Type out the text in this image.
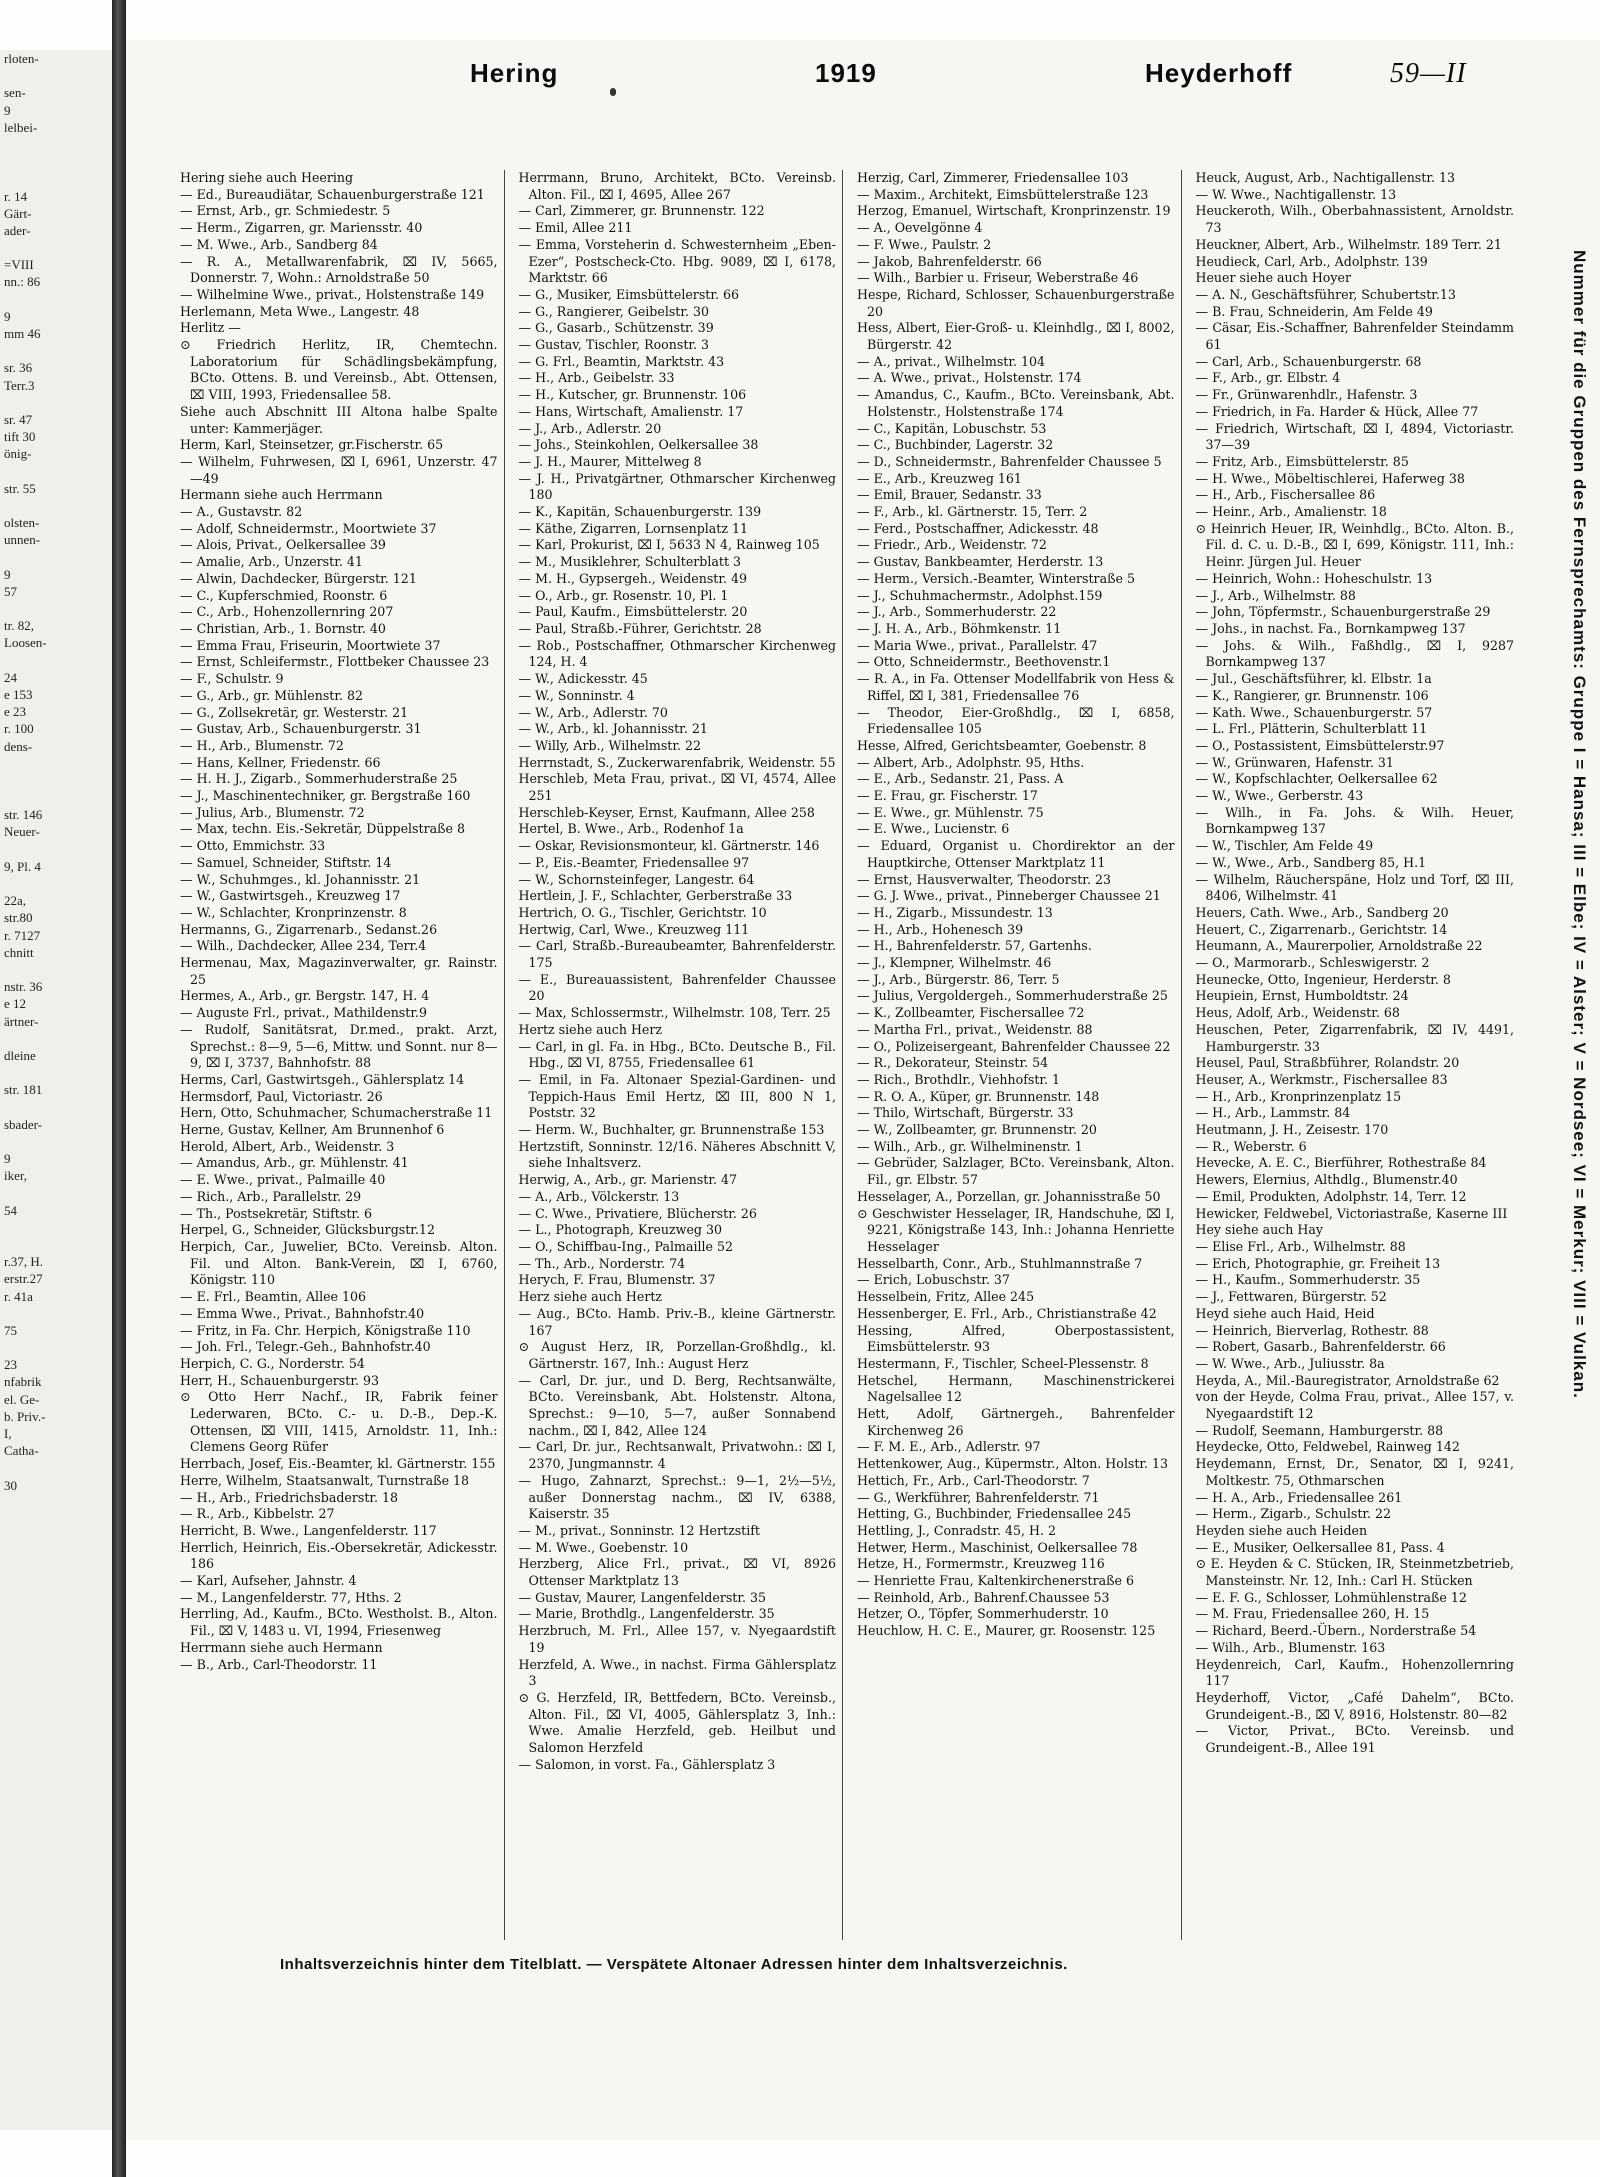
rloten-
sen-
9
lelbei-
r. 14
Gärt-
ader-
=VIII
nn.: 86
9
mm 46
sr. 36
Terr.3
sr. 47
tift 30
önig-
str. 55
olsten-
unnen-
9
57
tr. 82,
Loosen-
24
e 153
e 23
r. 100
dens-
str. 146
Neuer-
9, Pl. 4
22a,
str.80
r. 7127
chnitt
nstr. 36
e 12
ärtner-
dleine
str. 181
sbader-
9
iker,
54
r.37, H.
erstr.27
r. 41a
75
23
nfabrik
el. Ge-
b. Priv.-
I,
Catha-
30
Hering	1919	Heyderhoff	59—II

Hering siehe auch Heering

— Ed., Bureaudiätar, Schauenburgerstraße 121

— Ernst, Arb., gr. Schmiedestr. 5

— Herm., Zigarren, gr. Mariensstr. 40

— M. Wwe., Arb., Sandberg 84

— R. A., Metallwarenfabrik, ⌧ IV, 5665, Donnerstr. 7, Wohn.: Arnoldstraße 50

— Wilhelmine Wwe., privat., Holstenstraße 149

Herlemann, Meta Wwe., Langestr. 48

Herlitz —

⊙ Friedrich Herlitz, IR, Chemtechn. Laboratorium für Schädlingsbekämpfung, BCto. Ottens. B. und Vereinsb., Abt. Ottensen, ⌧ VIII, 1993, Friedensallee 58.

Siehe auch Abschnitt III Altona halbe Spalte unter: Kammerjäger.

Herm, Karl, Steinsetzer, gr.Fischerstr. 65

— Wilhelm, Fuhrwesen, ⌧ I, 6961, Unzerstr. 47—49

Hermann siehe auch Herrmann

— A., Gustavstr. 82

— Adolf, Schneidermstr., Moortwiete 37

— Alois, Privat., Oelkersallee 39

— Amalie, Arb., Unzerstr. 41

— Alwin, Dachdecker, Bürgerstr. 121

— C., Kupferschmied, Roonstr. 6

— C., Arb., Hohenzollernring 207

— Christian, Arb., 1. Bornstr. 40

— Emma Frau, Friseurin, Moortwiete 37

— Ernst, Schleifermstr., Flottbeker Chaussee 23

— F., Schulstr. 9

— G., Arb., gr. Mühlenstr. 82

— G., Zollsekretär, gr. Westerstr. 21

— Gustav, Arb., Schauenburgerstr. 31

— H., Arb., Blumenstr. 72

— Hans, Kellner, Friedenstr. 66

— H. H. J., Zigarb., Sommerhuderstraße 25

— J., Maschinentechniker, gr. Bergstraße 160

— Julius, Arb., Blumenstr. 72

— Max, techn. Eis.-Sekretär, Düppelstraße 8

— Otto, Emmichstr. 33

— Samuel, Schneider, Stiftstr. 14

— W., Schuhmges., kl. Johannisstr. 21

— W., Gastwirtsgeh., Kreuzweg 17

— W., Schlachter, Kronprinzenstr. 8

Hermanns, G., Zigarrenarb., Sedanst.26

— Wilh., Dachdecker, Allee 234, Terr.4

Hermenau, Max, Magazinverwalter, gr. Rainstr. 25

Hermes, A., Arb., gr. Bergstr. 147, H. 4

— Auguste Frl., privat., Mathildenstr.9

— Rudolf, Sanitätsrat, Dr.med., prakt. Arzt, Sprechst.: 8—9, 5—6, Mittw. und Sonnt. nur 8—9, ⌧ I, 3737, Bahnhofstr. 88

Herms, Carl, Gastwirtsgeh., Gählersplatz 14

Hermsdorf, Paul, Victoriastr. 26

Hern, Otto, Schuhmacher, Schumacherstraße 11

Herne, Gustav, Kellner, Am Brunnenhof 6

Herold, Albert, Arb., Weidenstr. 3

— Amandus, Arb., gr. Mühlenstr. 41

— E. Wwe., privat., Palmaille 40

— Rich., Arb., Parallelstr. 29

— Th., Postsekretär, Stiftstr. 6

Herpel, G., Schneider, Glücksburgstr.12

Herpich, Car., Juwelier, BCto. Vereinsb. Alton. Fil. und Alton. Bank-Verein, ⌧ I, 6760, Königstr. 110

— E. Frl., Beamtin, Allee 106

— Emma Wwe., Privat., Bahnhofstr.40

— Fritz, in Fa. Chr. Herpich, Königstraße 110

— Joh. Frl., Telegr.-Geh., Bahnhofstr.40

Herpich, C. G., Norderstr. 54

Herr, H., Schauenburgerstr. 93

⊙ Otto Herr Nachf., IR, Fabrik feiner Lederwaren, BCto. C.- u. D.-B., Dep.-K. Ottensen, ⌧ VIII, 1415, Arnoldstr. 11, Inh.: Clemens Georg Rüfer

Herrbach, Josef, Eis.-Beamter, kl. Gärtnerstr. 155

Herre, Wilhelm, Staatsanwalt, Turnstraße 18

— H., Arb., Friedrichsbaderstr. 18

— R., Arb., Kibbelstr. 27

Herricht, B. Wwe., Langenfelderstr. 117

Herrlich, Heinrich, Eis.-Obersekretär, Adickesstr. 186

— Karl, Aufseher, Jahnstr. 4

— M., Langenfelderstr. 77, Hths. 2

Herrling, Ad., Kaufm., BCto. Westholst. B., Alton. Fil., ⌧ V, 1483 u. VI, 1994, Friesenweg

Herrmann siehe auch Hermann

— B., Arb., Carl-Theodorstr. 11

Herrmann, Bruno, Architekt, BCto. Vereinsb. Alton. Fil., ⌧ I, 4695, Allee 267

— Carl, Zimmerer, gr. Brunnenstr. 122

— Emil, Allee 211

— Emma, Vorsteherin d. Schwesternheim „Eben-Ezer“, Postscheck-Cto. Hbg. 9089, ⌧ I, 6178, Marktstr. 66

— G., Musiker, Eimsbüttelerstr. 66

— G., Rangierer, Geibelstr. 30

— G., Gasarb., Schützenstr. 39

— Gustav, Tischler, Roonstr. 3

— G. Frl., Beamtin, Marktstr. 43

— H., Arb., Geibelstr. 33

— H., Kutscher, gr. Brunnenstr. 106

— Hans, Wirtschaft, Amalienstr. 17

— J., Arb., Adlerstr. 20

— Johs., Steinkohlen, Oelkersallee 38

— J. H., Maurer, Mittelweg 8

— J. H., Privatgärtner, Othmarscher Kirchenweg 180

— K., Kapitän, Schauenburgerstr. 139

— Käthe, Zigarren, Lornsenplatz 11

— Karl, Prokurist, ⌧ I, 5633 N 4, Rainweg 105

— M., Musiklehrer, Schulterblatt 3

— M. H., Gypsergeh., Weidenstr. 49

— O., Arb., gr. Rosenstr. 10, Pl. 1

— Paul, Kaufm., Eimsbüttelerstr. 20

— Paul, Straßb.-Führer, Gerichtstr. 28

— Rob., Postschaffner, Othmarscher Kirchenweg 124, H. 4

— W., Adickesstr. 45

— W., Sonninstr. 4

— W., Arb., Adlerstr. 70

— W., Arb., kl. Johannisstr. 21

— Willy, Arb., Wilhelmstr. 22

Herrnstadt, S., Zuckerwarenfabrik, Weidenstr. 55

Herschleb, Meta Frau, privat., ⌧ VI, 4574, Allee 251

Herschleb-Keyser, Ernst, Kaufmann, Allee 258

Hertel, B. Wwe., Arb., Rodenhof 1a

— Oskar, Revisionsmonteur, kl. Gärtnerstr. 146

— P., Eis.-Beamter, Friedensallee 97

— W., Schornsteinfeger, Langestr. 64

Hertlein, J. F., Schlachter, Gerberstraße 33

Hertrich, O. G., Tischler, Gerichtstr. 10

Hertwig, Carl, Wwe., Kreuzweg 111

— Carl, Straßb.-Bureaubeamter, Bahrenfelderstr. 175

— E., Bureauassistent, Bahrenfelder Chaussee 20

— Max, Schlossermstr., Wilhelmstr. 108, Terr. 25

Hertz siehe auch Herz

— Carl, in gl. Fa. in Hbg., BCto. Deutsche B., Fil. Hbg., ⌧ VI, 8755, Friedensallee 61

— Emil, in Fa. Altonaer Spezial-Gardinen- und Teppich-Haus Emil Hertz, ⌧ III, 800 N 1, Poststr. 32

— Herm. W., Buchhalter, gr. Brunnenstraße 153

Hertzstift, Sonninstr. 12/16. Näheres Abschnitt V, siehe Inhaltsverz.

Herwig, A., Arb., gr. Marienstr. 47

— A., Arb., Völckerstr. 13

— C. Wwe., Privatiere, Blücherstr. 26

— L., Photograph, Kreuzweg 30

— O., Schiffbau-Ing., Palmaille 52

— Th., Arb., Norderstr. 74

Herych, F. Frau, Blumenstr. 37

Herz siehe auch Hertz

— Aug., BCto. Hamb. Priv.-B., kleine Gärtnerstr. 167

⊙ August Herz, IR, Porzellan-Großhdlg., kl. Gärtnerstr. 167, Inh.: August Herz

— Carl, Dr. jur., und D. Berg, Rechtsanwälte, BCto. Vereinsbank, Abt. Holstenstr. Altona, Sprechst.: 9—10, 5—7, außer Sonnabend nachm., ⌧ I, 842, Allee 124

— Carl, Dr. jur., Rechtsanwalt, Privatwohn.: ⌧ I, 2370, Jungmannstr. 4

— Hugo, Zahnarzt, Sprechst.: 9—1, 2½—5½, außer Donnerstag nachm., ⌧ IV, 6388, Kaiserstr. 35

— M., privat., Sonninstr. 12 Hertzstift

— M. Wwe., Goebenstr. 10

Herzberg, Alice Frl., privat., ⌧ VI, 8926 Ottenser Marktplatz 13

— Gustav, Maurer, Langenfelderstr. 35

— Marie, Brothdlg., Langenfelderstr. 35

Herzbruch, M. Frl., Allee 157, v. Nyegaardstift 19

Herzfeld, A. Wwe., in nachst. Firma Gählersplatz 3

⊙ G. Herzfeld, IR, Bettfedern, BCto. Vereinsb., Alton. Fil., ⌧ VI, 4005, Gählersplatz 3, Inh.: Wwe. Amalie Herzfeld, geb. Heilbut und Salomon Herzfeld

— Salomon, in vorst. Fa., Gählersplatz 3

Herzig, Carl, Zimmerer, Friedensallee 103

— Maxim., Architekt, Eimsbüttelerstraße 123

Herzog, Emanuel, Wirtschaft, Kronprinzenstr. 19

— A., Oevelgönne 4

— F. Wwe., Paulstr. 2

— Jakob, Bahrenfelderstr. 66

— Wilh., Barbier u. Friseur, Weberstraße 46

Hespe, Richard, Schlosser, Schauenburgerstraße 20

Hess, Albert, Eier-Groß- u. Kleinhdlg., ⌧ I, 8002, Bürgerstr. 42

— A., privat., Wilhelmstr. 104

— A. Wwe., privat., Holstenstr. 174

— Amandus, C., Kaufm., BCto. Vereinsbank, Abt. Holstenstr., Holstenstraße 174

— C., Kapitän, Lobuschstr. 53

— C., Buchbinder, Lagerstr. 32

— D., Schneidermstr., Bahrenfelder Chaussee 5

— E., Arb., Kreuzweg 161

— Emil, Brauer, Sedanstr. 33

— F., Arb., kl. Gärtnerstr. 15, Terr. 2

— Ferd., Postschaffner, Adickesstr. 48

— Friedr., Arb., Weidenstr. 72

— Gustav, Bankbeamter, Herderstr. 13

— Herm., Versich.-Beamter, Winterstraße 5

— J., Schuhmachermstr., Adolphst.159

— J., Arb., Sommerhuderstr. 22

— J. H. A., Arb., Böhmkenstr. 11

— Maria Wwe., privat., Parallelstr. 47

— Otto, Schneidermstr., Beethovenstr.1

— R. A., in Fa. Ottenser Modellfabrik von Hess & Riffel, ⌧ I, 381, Friedensallee 76

— Theodor, Eier-Großhdlg., ⌧ I, 6858, Friedensallee 105

Hesse, Alfred, Gerichtsbeamter, Goebenstr. 8

— Albert, Arb., Adolphstr. 95, Hths.

— E., Arb., Sedanstr. 21, Pass. A

— E. Frau, gr. Fischerstr. 17

— E. Wwe., gr. Mühlenstr. 75

— E. Wwe., Lucienstr. 6

— Eduard, Organist u. Chordirektor an der Hauptkirche, Ottenser Marktplatz 11

— Ernst, Hausverwalter, Theodorstr. 23

— G. J. Wwe., privat., Pinneberger Chaussee 21

— H., Zigarb., Missundestr. 13

— H., Arb., Hohenesch 39

— H., Bahrenfelderstr. 57, Gartenhs.

— J., Klempner, Wilhelmstr. 46

— J., Arb., Bürgerstr. 86, Terr. 5

— Julius, Vergoldergeh., Sommerhuderstraße 25

— K., Zollbeamter, Fischersallee 72

— Martha Frl., privat., Weidenstr. 88

— O., Polizeisergeant, Bahrenfelder Chaussee 22

— R., Dekorateur, Steinstr. 54

— Rich., Brothdlr., Viehhofstr. 1

— R. O. A., Küper, gr. Brunnenstr. 148

— Thilo, Wirtschaft, Bürgerstr. 33

— W., Zollbeamter, gr. Brunnenstr. 20

— Wilh., Arb., gr. Wilhelminenstr. 1

— Gebrüder, Salzlager, BCto. Vereinsbank, Alton. Fil., gr. Elbstr. 57

Hesselager, A., Porzellan, gr. Johannisstraße 50

⊙ Geschwister Hesselager, IR, Handschuhe, ⌧ I, 9221, Königstraße 143, Inh.: Johanna Henriette Hesselager

Hesselbarth, Conr., Arb., Stuhlmannstraße 7

— Erich, Lobuschstr. 37

Hesselbein, Fritz, Allee 245

Hessenberger, E. Frl., Arb., Christianstraße 42

Hessing, Alfred, Oberpostassistent, Eimsbüttelerstr. 93

Hestermann, F., Tischler, Scheel-Plessenstr. 8

Hetschel, Hermann, Maschinenstrickerei Nagelsallee 12

Hett, Adolf, Gärtnergeh., Bahrenfelder Kirchenweg 26

— F. M. E., Arb., Adlerstr. 97

Hettenkower, Aug., Küpermstr., Alton. Holstr. 13

Hettich, Fr., Arb., Carl-Theodorstr. 7

— G., Werkführer, Bahrenfelderstr. 71

Hetting, G., Buchbinder, Friedensallee 245

Hettling, J., Conradstr. 45, H. 2

Hetwer, Herm., Maschinist, Oelkersallee 78

Hetze, H., Formermstr., Kreuzweg 116

— Henriette Frau, Kaltenkirchenerstraße 6

— Reinhold, Arb., Bahrenf.Chaussee 53

Hetzer, O., Töpfer, Sommerhuderstr. 10

Heuchlow, H. C. E., Maurer, gr. Roosenstr. 125

Heuck, August, Arb., Nachtigallenstr. 13

— W. Wwe., Nachtigallenstr. 13

Heuckeroth, Wilh., Oberbahnassistent, Arnoldstr. 73

Heuckner, Albert, Arb., Wilhelmstr. 189 Terr. 21

Heudieck, Carl, Arb., Adolphstr. 139

Heuer siehe auch Hoyer

— A. N., Geschäftsführer, Schubertstr.13

— B. Frau, Schneiderin, Am Felde 49

— Cäsar, Eis.-Schaffner, Bahrenfelder Steindamm 61

— Carl, Arb., Schauenburgerstr. 68

— F., Arb., gr. Elbstr. 4

— Fr., Grünwarenhdlr., Hafenstr. 3

— Friedrich, in Fa. Harder & Hück, Allee 77

— Friedrich, Wirtschaft, ⌧ I, 4894, Victoriastr. 37—39

— Fritz, Arb., Eimsbüttelerstr. 85

— H. Wwe., Möbeltischlerei, Haferweg 38

— H., Arb., Fischersallee 86

— Heinr., Arb., Amalienstr. 18

⊙ Heinrich Heuer, IR, Weinhdlg., BCto. Alton. B., Fil. d. C. u. D.-B., ⌧ I, 699, Königstr. 111, Inh.: Heinr. Jürgen Jul. Heuer

— Heinrich, Wohn.: Hoheschulstr. 13

— J., Arb., Wilhelmstr. 88

— John, Töpfermstr., Schauenburgerstraße 29

— Johs., in nachst. Fa., Bornkampweg 137

— Johs. & Wilh., Faßhdlg., ⌧ I, 9287 Bornkampweg 137

— Jul., Geschäftsführer, kl. Elbstr. 1a

— K., Rangierer, gr. Brunnenstr. 106

— Kath. Wwe., Schauenburgerstr. 57

— L. Frl., Plätterin, Schulterblatt 11

— O., Postassistent, Eimsbüttelerstr.97

— W., Grünwaren, Hafenstr. 31

— W., Kopfschlachter, Oelkersallee 62

— W., Wwe., Gerberstr. 43

— Wilh., in Fa. Johs. & Wilh. Heuer, Bornkampweg 137

— W., Tischler, Am Felde 49

— W., Wwe., Arb., Sandberg 85, H.1

— Wilhelm, Räucherspäne, Holz und Torf, ⌧ III, 8406, Wilhelmstr. 41

Heuers, Cath. Wwe., Arb., Sandberg 20

Heuert, C., Zigarrenarb., Gerichtstr. 14

Heumann, A., Maurerpolier, Arnoldstraße 22

— O., Marmorarb., Schleswigerstr. 2

Heunecke, Otto, Ingenieur, Herderstr. 8

Heupiein, Ernst, Humboldtstr. 24

Heus, Adolf, Arb., Weidenstr. 68

Heuschen, Peter, Zigarrenfabrik, ⌧ IV, 4491, Hamburgerstr. 33

Heusel, Paul, Straßbführer, Rolandstr. 20

Heuser, A., Werkmstr., Fischersallee 83

— H., Arb., Kronprinzenplatz 15

— H., Arb., Lammstr. 84

Heutmann, J. H., Zeisestr. 170

— R., Weberstr. 6

Hevecke, A. E. C., Bierführer, Rothestraße 84

Hewers, Elernius, Althdlg., Blumenstr.40

— Emil, Produkten, Adolphstr. 14, Terr. 12

Hewicker, Feldwebel, Victoriastraße, Kaserne III

Hey siehe auch Hay

— Elise Frl., Arb., Wilhelmstr. 88

— Erich, Photographie, gr. Freiheit 13

— H., Kaufm., Sommerhuderstr. 35

— J., Fettwaren, Bürgerstr. 52

Heyd siehe auch Haid, Heid

— Heinrich, Bierverlag, Rothestr. 88

— Robert, Gasarb., Bahrenfelderstr. 66

— W. Wwe., Arb., Juliusstr. 8a

Heyda, A., Mil.-Bauregistrator, Arnoldstraße 62

von der Heyde, Colma Frau, privat., Allee 157, v. Nyegaardstift 12

— Rudolf, Seemann, Hamburgerstr. 88

Heydecke, Otto, Feldwebel, Rainweg 142

Heydemann, Ernst, Dr., Senator, ⌧ I, 9241, Moltkestr. 75, Othmarschen

— H. A., Arb., Friedensallee 261

— Herm., Zigarb., Schulstr. 22

Heyden siehe auch Heiden

— E., Musiker, Oelkersallee 81, Pass. 4

⊙ E. Heyden & C. Stücken, IR, Steinmetzbetrieb, Mansteinstr. Nr. 12, Inh.: Carl H. Stücken

— E. F. G., Schlosser, Lohmühlenstraße 12

— M. Frau, Friedensallee 260, H. 15

— Richard, Beerd.-Übern., Norderstraße 54

— Wilh., Arb., Blumenstr. 163

Heydenreich, Carl, Kaufm., Hohenzollernring 117

Heyderhoff, Victor, „Café Dahelm“, BCto. Grundeigent.-B., ⌧ V, 8916, Holstenstr. 80—82

— Victor, Privat., BCto. Vereinsb. und Grundeigent.-B., Allee 191

Nummer für die Gruppen des Fernsprechamts: Gruppe I = Hansa; III = Elbe; IV = Alster; V = Nordsee; VI = Merkur; VIII = Vulkan.
Inhaltsverzeichnis hinter dem Titelblatt. — Verspätete Altonaer Adressen hinter dem Inhaltsverzeichnis.
